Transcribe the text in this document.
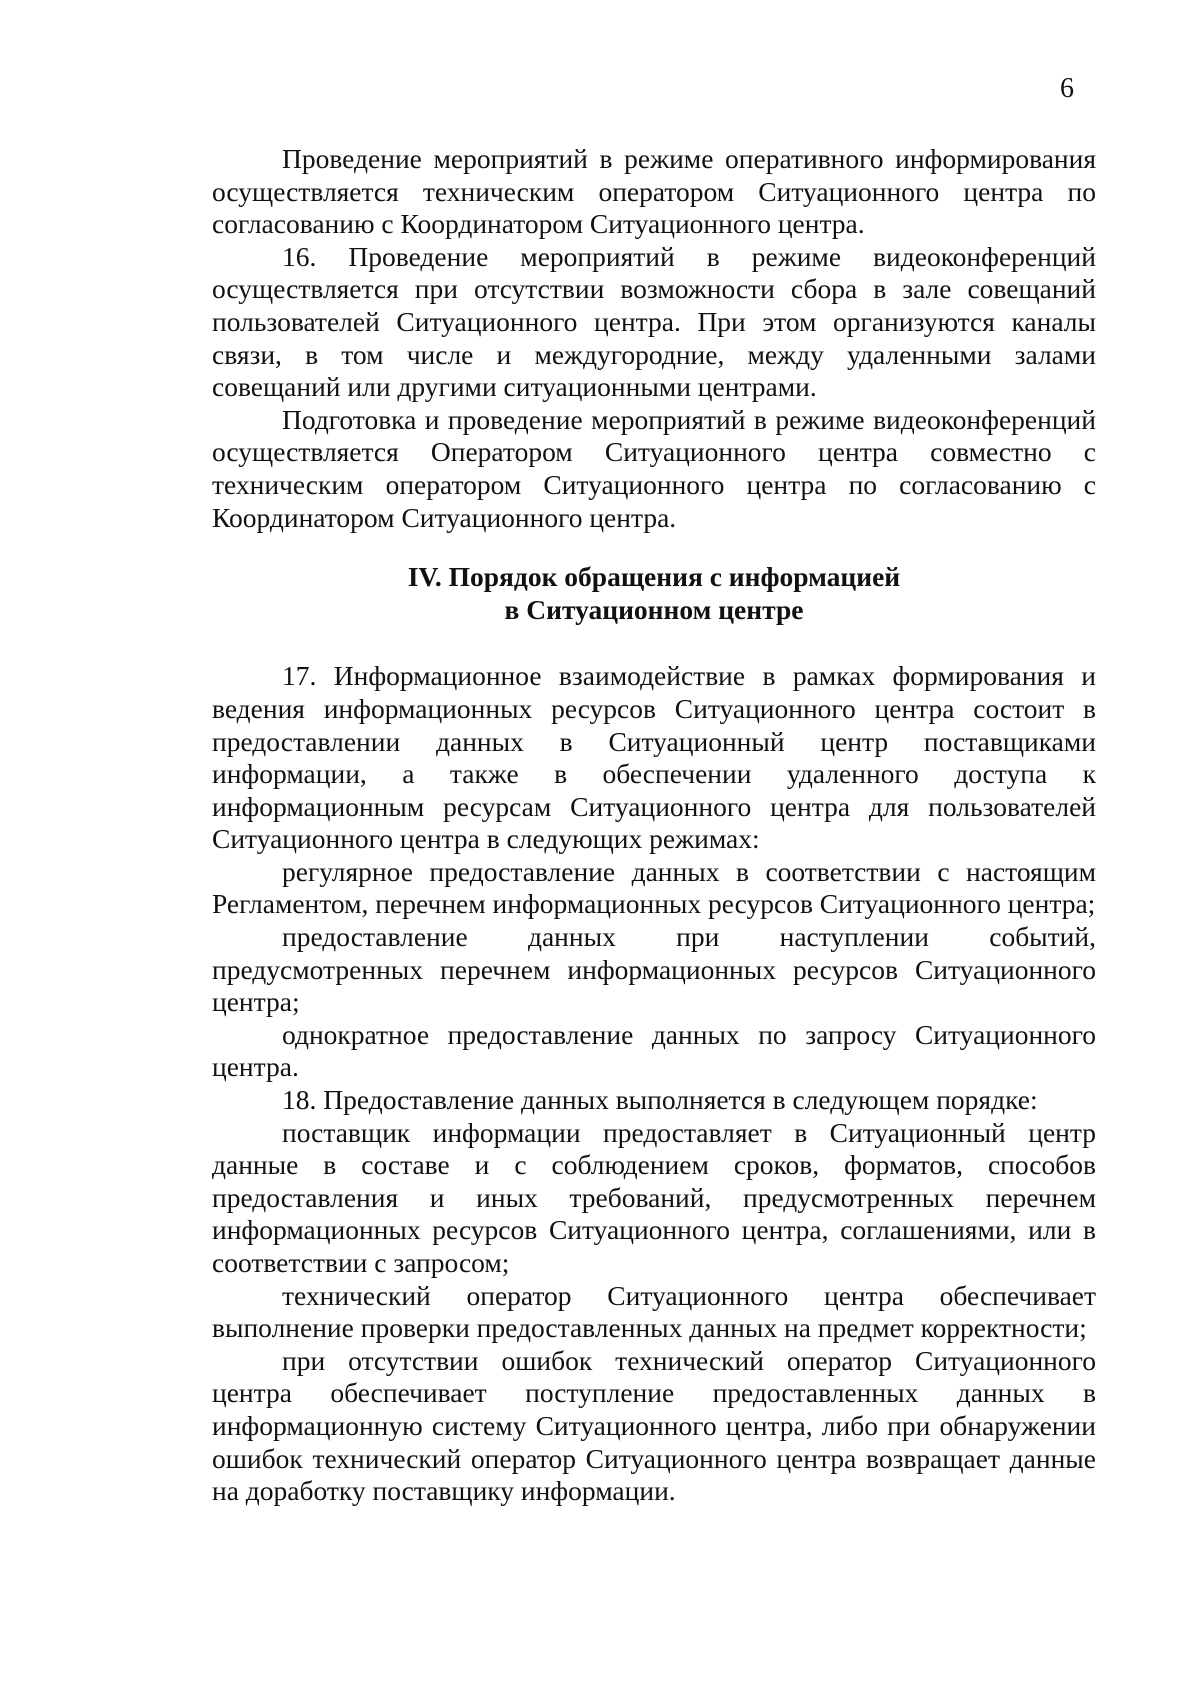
6

Проведение мероприятий в режиме оперативного информирования осуществляется техническим оператором Ситуационного центра по согласованию с Координатором Ситуационного центра.

16. Проведение мероприятий в режиме видеоконференций осуществляется при отсутствии возможности сбора в зале совещаний пользователей Ситуационного центра. При этом организуются каналы связи, в том числе и междугородние, между удаленными залами совещаний или другими ситуационными центрами.

Подготовка и проведение мероприятий в режиме видеоконференций осуществляется Оператором Ситуационного центра совместно с техническим оператором Ситуационного центра по согласованию с Координатором Ситуационного центра.

IV. Порядок обращения с информацией
в Ситуационном центре

17. Информационное взаимодействие в рамках формирования и ведения информационных ресурсов Ситуационного центра состоит в предоставлении данных в Ситуационный центр поставщиками информации, а также в обеспечении удаленного доступа к информационным ресурсам Ситуационного центра для пользователей Ситуационного центра в следующих режимах:

регулярное предоставление данных в соответствии с настоящим Регламентом, перечнем информационных ресурсов Ситуационного центра;

предоставление данных при наступлении событий, предусмотренных перечнем информационных ресурсов Ситуационного центра;

однократное предоставление данных по запросу Ситуационного центра.

18. Предоставление данных выполняется в следующем порядке:

поставщик информации предоставляет в Ситуационный центр данные в составе и с соблюдением сроков, форматов, способов предоставления и иных требований, предусмотренных перечнем информационных ресурсов Ситуационного центра, соглашениями, или в соответствии с запросом;

технический оператор Ситуационного центра обеспечивает выполнение проверки предоставленных данных на предмет корректности;

при отсутствии ошибок технический оператор Ситуационного центра обеспечивает поступление предоставленных данных в информационную систему Ситуационного центра, либо при обнаружении ошибок технический оператор Ситуационного центра возвращает данные на доработку поставщику информации.
